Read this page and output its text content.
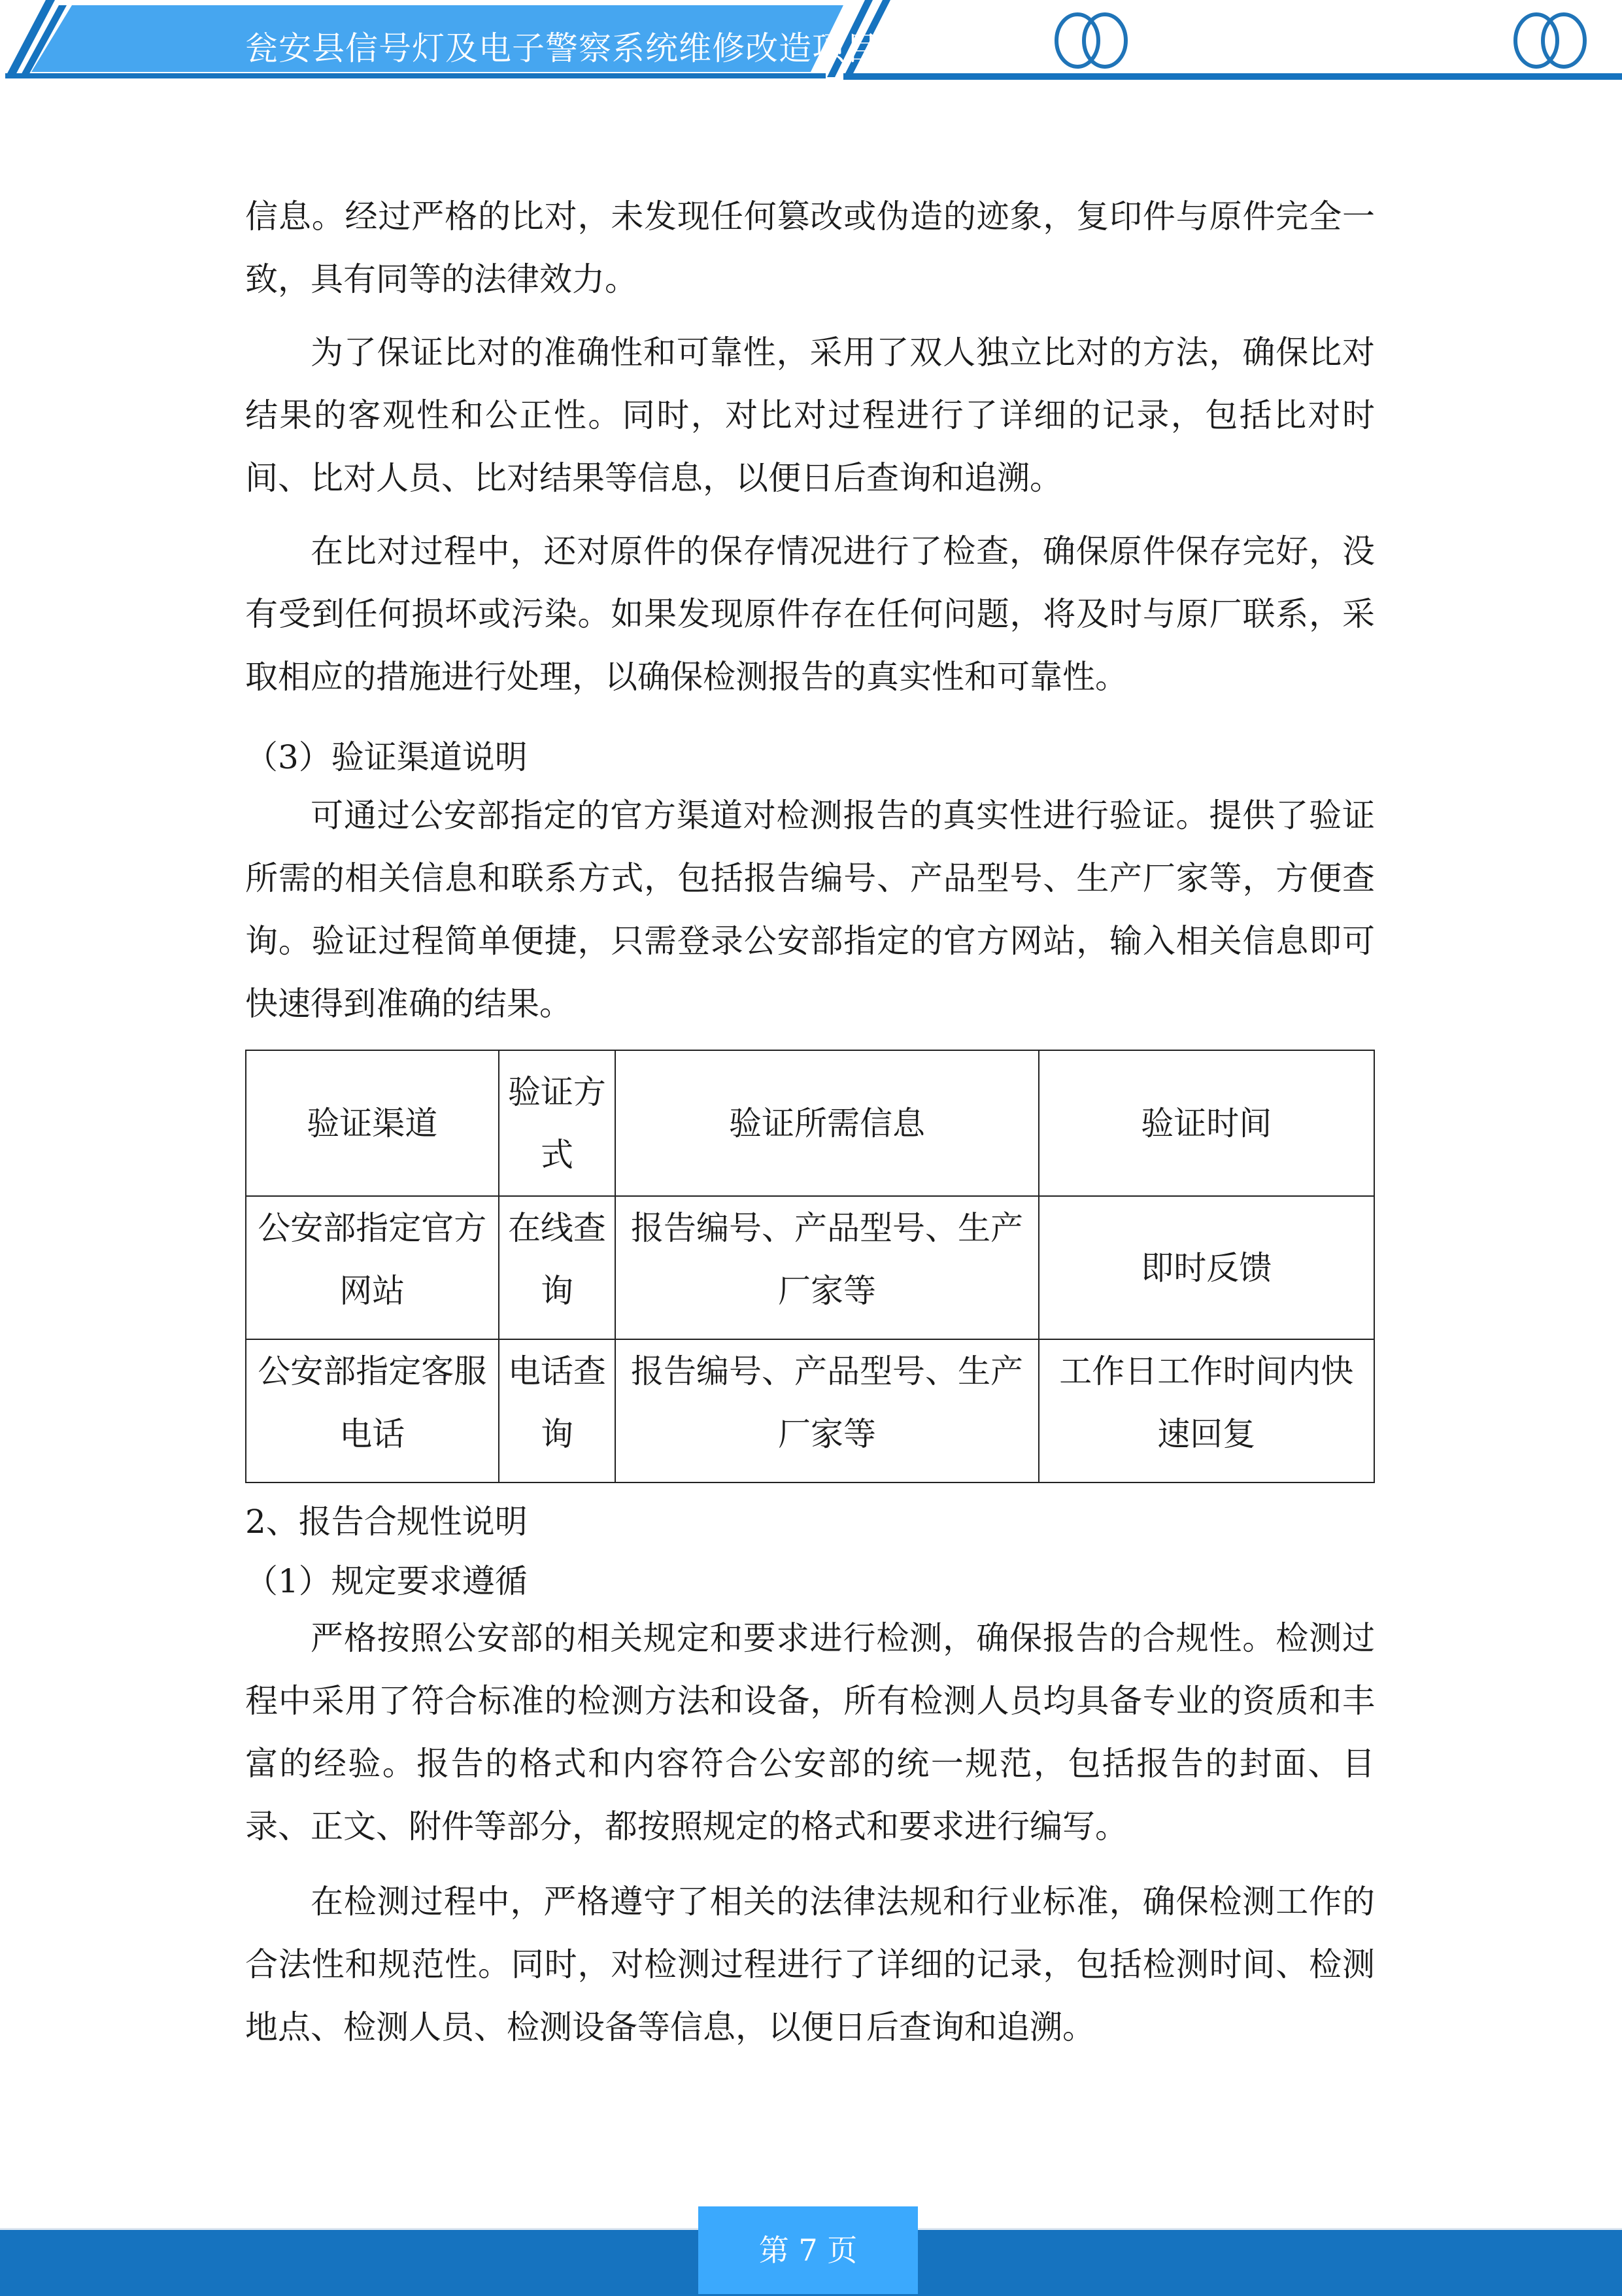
瓮安县信号灯及电子警察系统维修改造项目

信息。经过严格的比对，未发现任何篡改或伪造的迹象，复印件与原件完全一致，具有同等的法律效力。

为了保证比对的准确性和可靠性，采用了双人独立比对的方法，确保比对结果的客观性和公正性。同时，对比对过程进行了详细的记录，包括比对时间、比对人员、比对结果等信息，以便日后查询和追溯。

在比对过程中，还对原件的保存情况进行了检查，确保原件保存完好，没有受到任何损坏或污染。如果发现原件存在任何问题，将及时与原厂联系，采取相应的措施进行处理，以确保检测报告的真实性和可靠性。

（3）验证渠道说明

可通过公安部指定的官方渠道对检测报告的真实性进行验证。提供了验证所需的相关信息和联系方式，包括报告编号、产品型号、生产厂家等，方便查询。验证过程简单便捷，只需登录公安部指定的官方网站，输入相关信息即可快速得到准确的结果。

验证渠道	验证方式	验证所需信息	验证时间
公安部指定官方网站	在线查询	报告编号、产品型号、生产厂家等	即时反馈
公安部指定客服电话	电话查询	报告编号、产品型号、生产厂家等	工作日工作时间内快速回复

2、报告合规性说明

（1）规定要求遵循

严格按照公安部的相关规定和要求进行检测，确保报告的合规性。检测过程中采用了符合标准的检测方法和设备，所有检测人员均具备专业的资质和丰富的经验。报告的格式和内容符合公安部的统一规范，包括报告的封面、目录、正文、附件等部分，都按照规定的格式和要求进行编写。

在检测过程中，严格遵守了相关的法律法规和行业标准，确保检测工作的合法性和规范性。同时，对检测过程进行了详细的记录，包括检测时间、检测地点、检测人员、检测设备等信息，以便日后查询和追溯。

第 7 页
